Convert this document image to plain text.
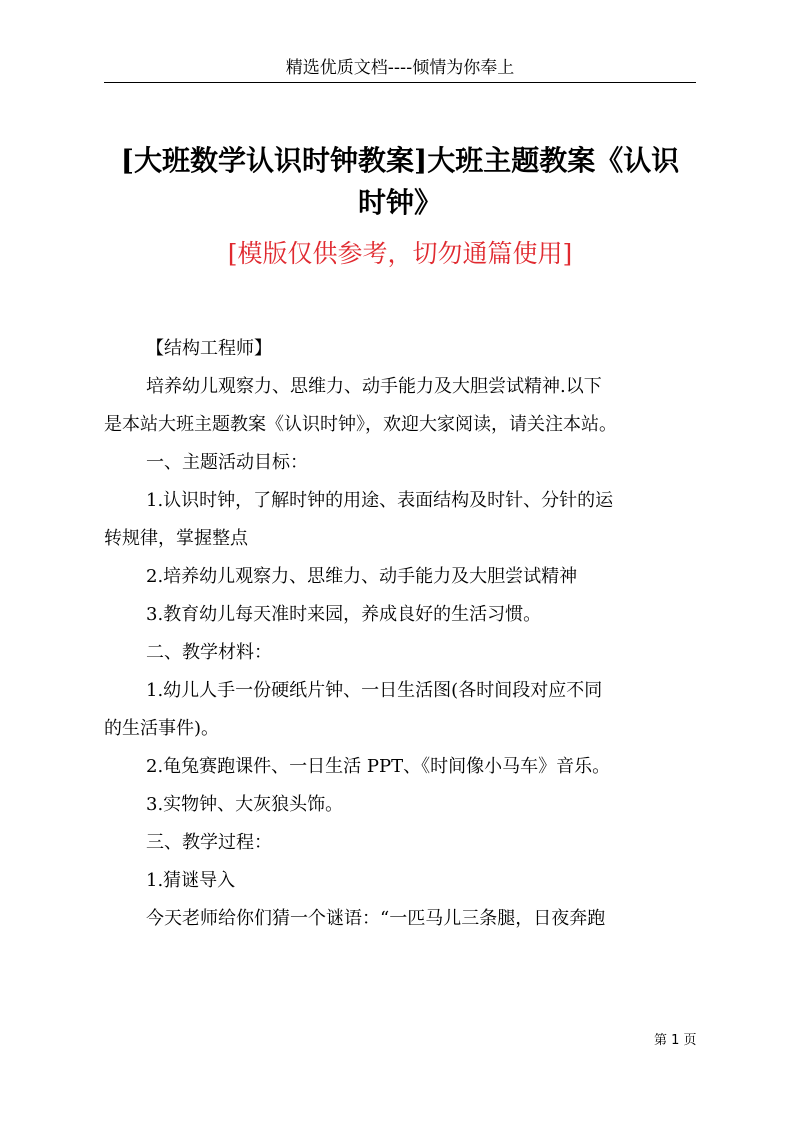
精选优质文档----倾情为你奉上
[大班数学认识时钟教案]大班主题教案《认识
时钟》
[模版仅供参考，切勿通篇使用]

【结构工程师】

培养幼儿观察力、思维力、动手能力及大胆尝试精神.以下

是本站大班主题教案《认识时钟》，欢迎大家阅读，请关注本站。

一、主题活动目标：

1.认识时钟，了解时钟的用途、表面结构及时针、分针的运

转规律，掌握整点

2.培养幼儿观察力、思维力、动手能力及大胆尝试精神

3.教育幼儿每天准时来园，养成良好的生活习惯。

二、教学材料：

1.幼儿人手一份硬纸片钟、一日生活图(各时间段对应不同

的生活事件)。

2.龟兔赛跑课件、一日生活 PPT、《时间像小马车》音乐。

3.实物钟、大灰狼头饰。

三、教学过程：

1.猜谜导入

今天老师给你们猜一个谜语：“一匹马儿三条腿，日夜奔跑

第 1 页
